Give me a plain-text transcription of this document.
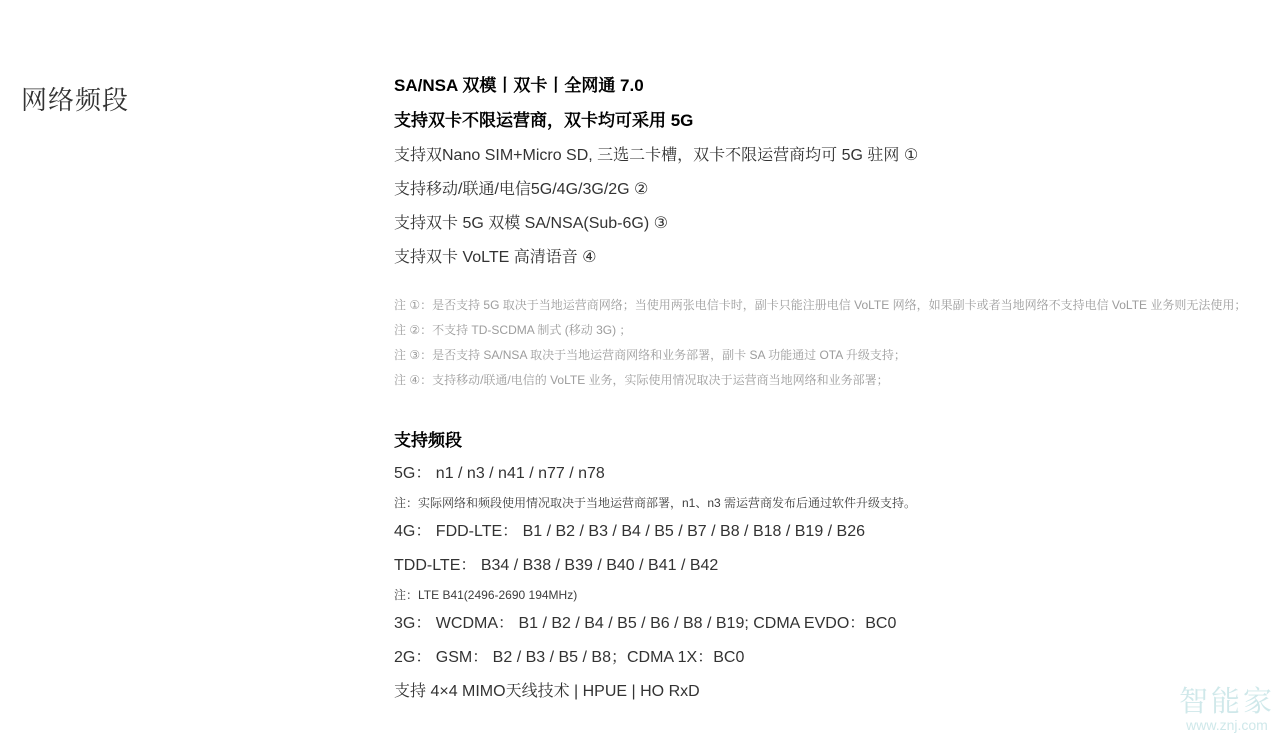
网络频段	SA/NSA 双模丨双卡丨全网通 7.0
支持双卡不限运营商，双卡均可采用 5G
支持双Nano SIM+Micro SD, 三选二卡槽，双卡不限运营商均可 5G 驻网 ①
支持移动/联通/电信5G/4G/3G/2G ②
支持双卡 5G 双模 SA/NSA(Sub-6G) ③
支持双卡 VoLTE 高清语音 ④
注 ①：是否支持 5G 取决于当地运营商网络；当使用两张电信卡时，副卡只能注册电信 VoLTE 网络，如果副卡或者当地网络不支持电信 VoLTE 业务则无法使用；
注 ②：不支持 TD-SCDMA 制式 (移动 3G) ；
注 ③：是否支持 SA/NSA 取决于当地运营商网络和业务部署，副卡 SA 功能通过 OTA 升级支持；
注 ④：支持移动/联通/电信的 VoLTE 业务，实际使用情况取决于运营商当地网络和业务部署；
支持频段
5G： n1 / n3 / n41 / n77 / n78
注：实际网络和频段使用情况取决于当地运营商部署，n1、n3 需运营商发布后通过软件升级支持。
4G： FDD-LTE： B1 / B2 / B3 / B4 / B5 / B7 / B8 / B18 / B19 / B26
TDD-LTE： B34 / B38 / B39 / B40 / B41 / B42
注：LTE B41(2496-2690 194MHz)
3G： WCDMA： B1 / B2 / B4 / B5 / B6 / B8 / B19; CDMA EVDO：BC0
2G： GSM： B2 / B3 / B5 / B8；CDMA 1X：BC0
支持 4×4 MIMO天线技术 | HPUE | HO RxD	智能家
www.znj.com
